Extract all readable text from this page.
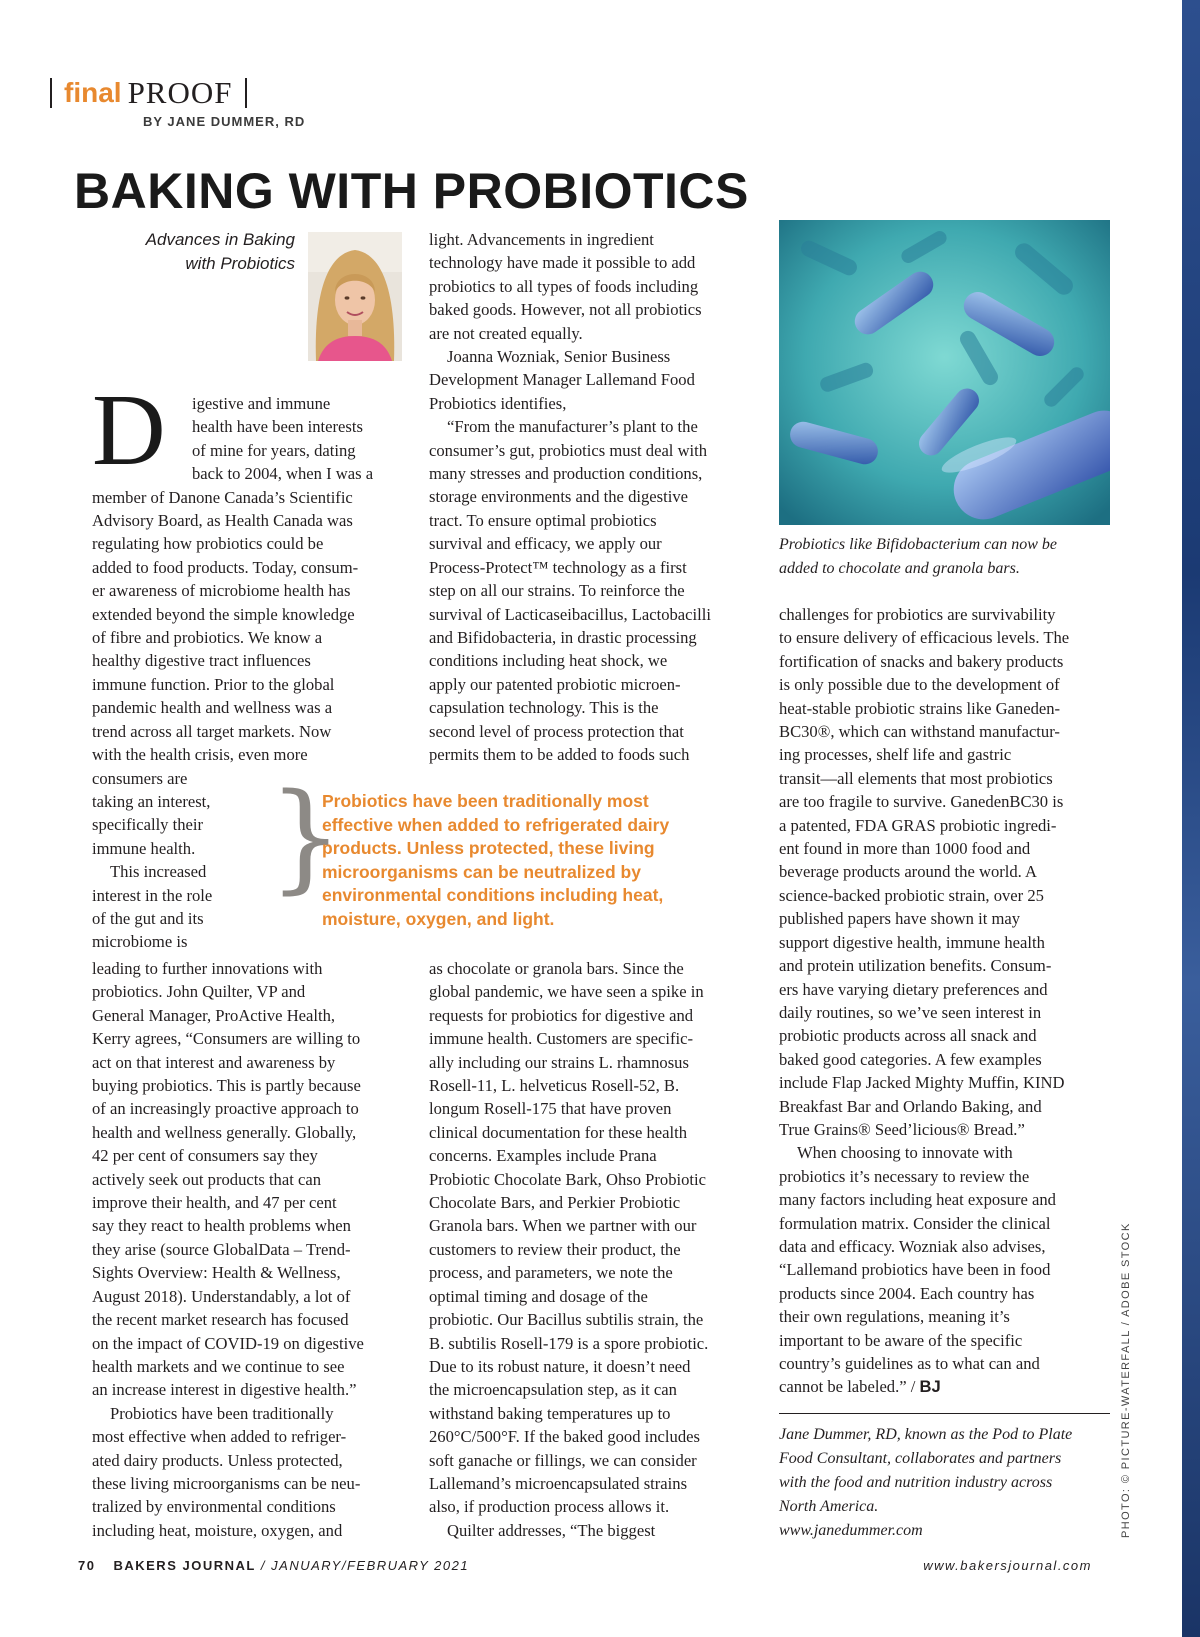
final PROOF
BY JANE DUMMER, RD
BAKING WITH PROBIOTICS
Advances in Baking
with Probiotics
D	igestive and immune

health have been interests

of mine for years, dating

back to 2004, when I was a

member of Danone Canada’s Scientific

Advisory Board, as Health Canada was

regulating how probiotics could be

added to food products. Today, consum-

er awareness of microbiome health has

extended beyond the simple knowledge

of fibre and probiotics. We know a

healthy digestive tract influences

immune function. Prior to the global

pandemic health and wellness was a

trend across all target markets. Now

with the health crisis, even more

consumers are

taking an interest,

specifically their

immune health.

This increased

interest in the role

of the gut and its

microbiome is

leading to further innovations with

probiotics. John Quilter, VP and

General Manager, ProActive Health,

Kerry agrees, “Consumers are willing to

act on that interest and awareness by

buying probiotics. This is partly because

of an increasingly proactive approach to

health and wellness generally. Globally,

42 per cent of consumers say they

actively seek out products that can

improve their health, and 47 per cent

say they react to health problems when

they arise (source GlobalData – Trend-

Sights Overview: Health & Wellness,

August 2018). Understandably, a lot of

the recent market research has focused

on the impact of COVID-19 on digestive

health markets and we continue to see

an increase interest in digestive health.”

Probiotics have been traditionally

most effective when added to refriger-

ated dairy products. Unless protected,

these living microorganisms can be neu-

tralized by environmental conditions

including heat, moisture, oxygen, and

light. Advancements in ingredient

technology have made it possible to add

probiotics to all types of foods including

baked goods. However, not all probiotics

are not created equally.

Joanna Wozniak, Senior Business

Development Manager Lallemand Food

Probiotics identifies,

“From the manufacturer’s plant to the

consumer’s gut, probiotics must deal with

many stresses and production conditions,

storage environments and the digestive

tract. To ensure optimal probiotics

survival and efficacy, we apply our

Process-Protect™ technology as a first

step on all our strains. To reinforce the

survival of Lacticaseibacillus, Lactobacilli

and Bifidobacteria, in drastic processing

conditions including heat shock, we

apply our patented probiotic microen-

capsulation technology. This is the

second level of process protection that

permits them to be added to foods such

}
Probiotics have been traditionally most
effective when added to refrigerated dairy
products. Unless protected, these living
microorganisms can be neutralized by
environmental conditions including heat,
moisture, oxygen, and light.

as chocolate or granola bars. Since the

global pandemic, we have seen a spike in

requests for probiotics for digestive and

immune health. Customers are specific-

ally including our strains L. rhamnosus

Rosell-11, L. helveticus Rosell-52, B.

longum Rosell-175 that have proven

clinical documentation for these health

concerns. Examples include Prana

Probiotic Chocolate Bark, Ohso Probiotic

Chocolate Bars, and Perkier Probiotic

Granola bars. When we partner with our

customers to review their product, the

process, and parameters, we note the

optimal timing and dosage of the

probiotic. Our Bacillus subtilis strain, the

B. subtilis Rosell-179 is a spore probiotic.

Due to its robust nature, it doesn’t need

the microencapsulation step, as it can

withstand baking temperatures up to

260°C/500°F. If the baked good includes

soft ganache or fillings, we can consider

Lallemand’s microencapsulated strains

also, if production process allows it.

Quilter addresses, “The biggest

Probiotics like Bifidobacterium can now be
added to chocolate and granola bars.

challenges for probiotics are survivability

to ensure delivery of efficacious levels. The

fortification of snacks and bakery products

is only possible due to the development of

heat-stable probiotic strains like Ganeden-

BC30®, which can withstand manufactur-

ing processes, shelf life and gastric

transit—all elements that most probiotics

are too fragile to survive. GanedenBC30 is

a patented, FDA GRAS probiotic ingredi-

ent found in more than 1000 food and

beverage products around the world. A

science-backed probiotic strain, over 25

published papers have shown it may

support digestive health, immune health

and protein utilization benefits. Consum-

ers have varying dietary preferences and

daily routines, so we’ve seen interest in

probiotic products across all snack and

baked good categories. A few examples

include Flap Jacked Mighty Muffin, KIND

Breakfast Bar and Orlando Baking, and

True Grains® Seed’licious® Bread.”

When choosing to innovate with

probiotics it’s necessary to review the

many factors including heat exposure and

formulation matrix. Consider the clinical

data and efficacy. Wozniak also advises,

“Lallemand probiotics have been in food

products since 2004. Each country has

their own regulations, meaning it’s

important to be aware of the specific

country’s guidelines as to what can and

cannot be labeled.” / BJ

Jane Dummer, RD, known as the Pod to Plate
Food Consultant, collaborates and partners
with the food and nutrition industry across
North America.
www.janedummer.com	PHOTO: © PICTURE-WATERFALL / ADOBE STOCK
70 BAKERS JOURNAL / JANUARY/FEBRUARY 2021	www.bakersjournal.com
